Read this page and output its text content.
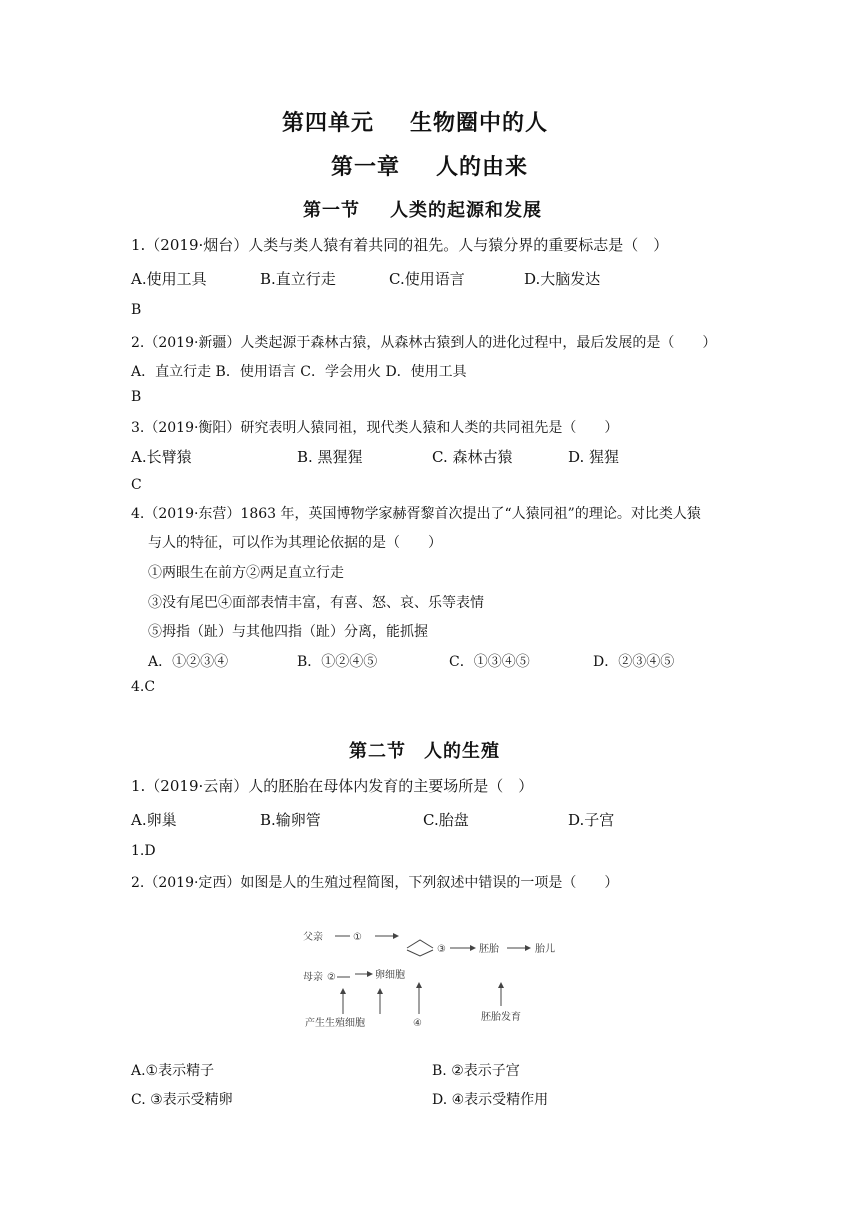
第四单元 生物圈中的人
第一章 人的由来
第一节 人类的起源和发展
1.（2019·烟台）人类与类人猿有着共同的祖先。人与猿分界的重要标志是（　）
A.使用工具	B.直立行走	C.使用语言	D.大脑发达
B
2.（2019·新疆）人类起源于森林古猿，从森林古猿到人的进化过程中，最后发展的是（　　）
A．直立行走 B．使用语言 C．学会用火 D．使用工具
B
3.（2019·衡阳）研究表明人猿同祖，现代类人猿和人类的共同祖先是（　　）
A.长臂猿	B. 黑猩猩	C. 森林古猿	D. 猩猩
C
4.（2019·东营）1863 年，英国博物学家赫胥黎首次提出了“人猿同祖”的理论。对比类人猿
与人的特征，可以作为其理论依据的是（　　）
①两眼生在前方②两足直立行走
③没有尾巴④面部表情丰富，有喜、怒、哀、乐等表情
⑤拇指（趾）与其他四指（趾）分离，能抓握
A．①②③④	B．①②④⑤	C．①③④⑤	D．②③④⑤
4.C
第二节 人的生殖
1.（2019·云南）人的胚胎在母体内发育的主要场所是（　）
A.卵巢	B.输卵管	C.胎盘	D.子宫
1.D
2.（2019·定西）如图是人的生殖过程简图，下列叙述中错误的一项是（　　）
父亲	①
③	胚胎	胎儿
母亲 ②	卵细胞
产生生殖细胞	④
胚胎发育
A.①表示精子	B. ②表示子宫
C. ③表示受精卵	D. ④表示受精作用
